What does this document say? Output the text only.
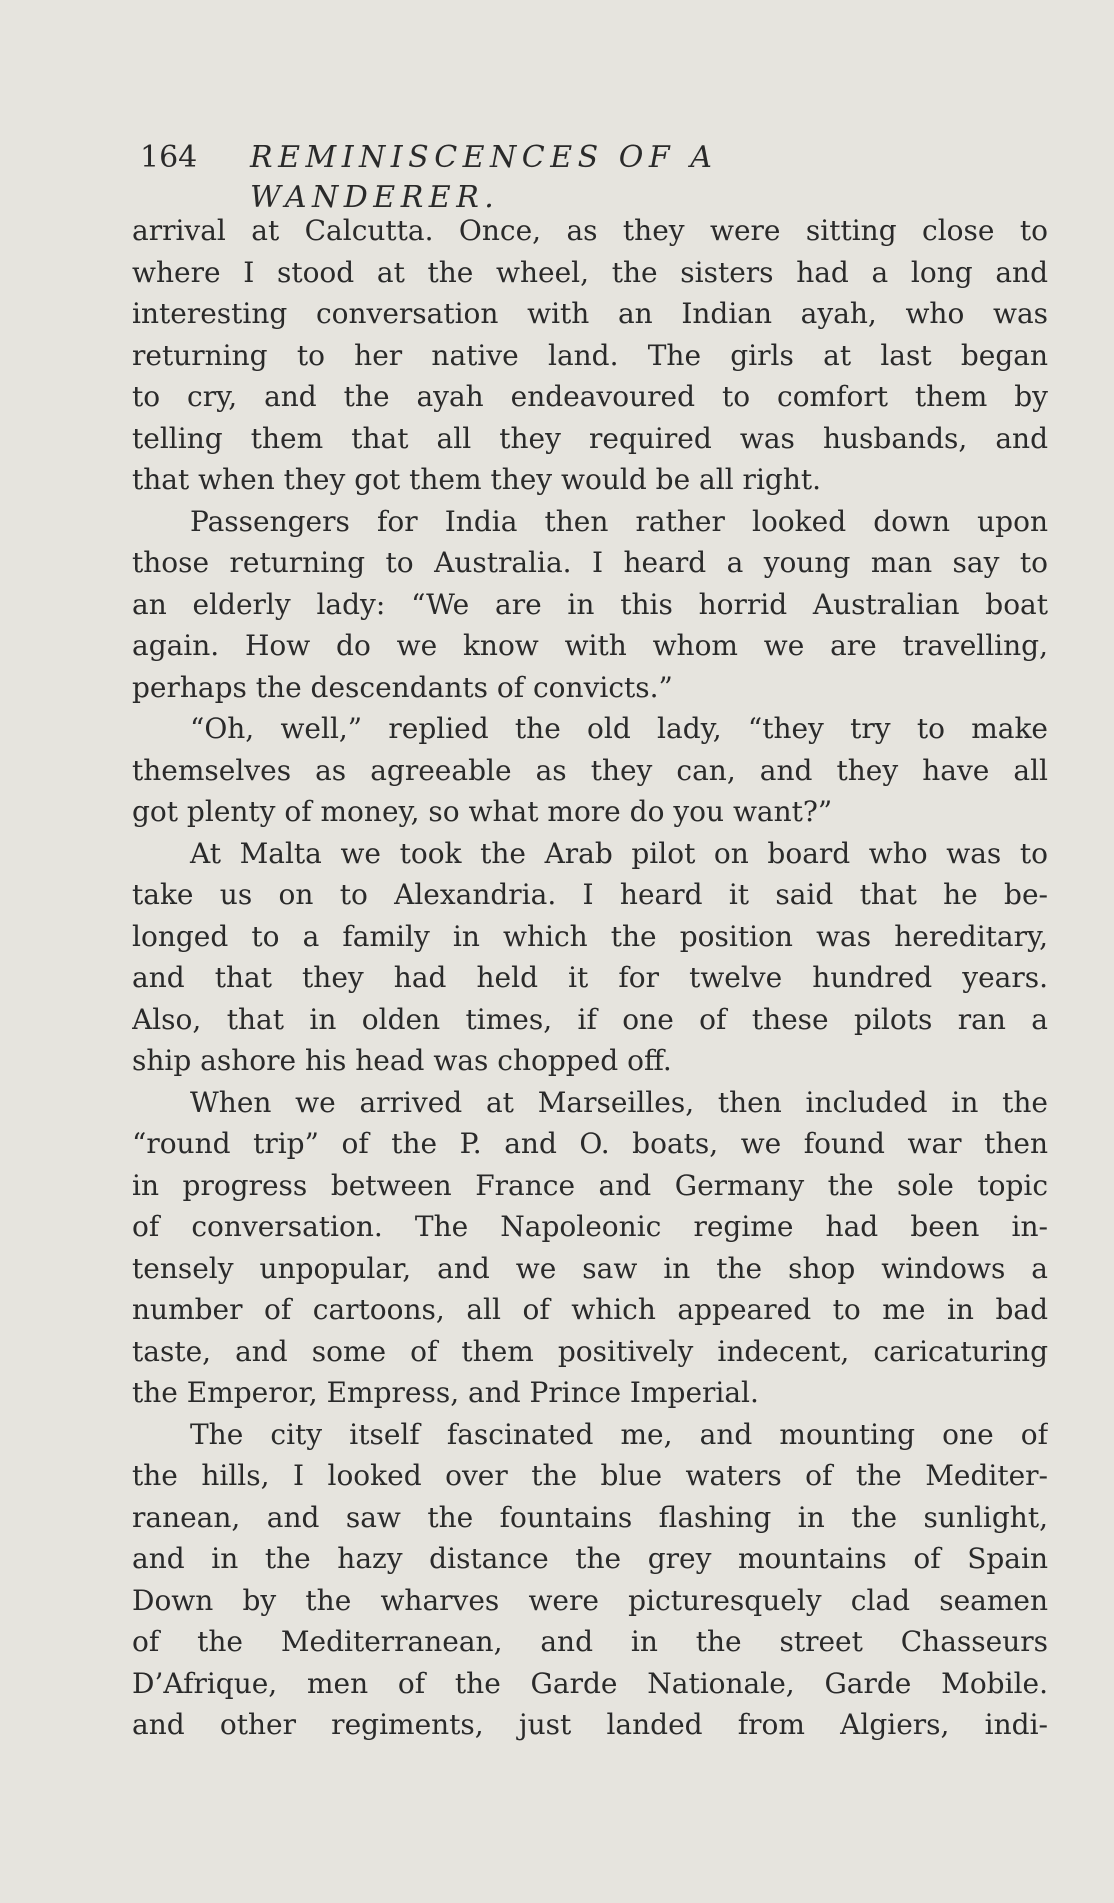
164 REMINISCENCES OF A WANDERER.
arrival at Calcutta. Once, as they were sitting close to
where I stood at the wheel, the sisters had a long and
interesting conversation with an Indian ayah, who was
returning to her native land. The girls at last began
to cry, and the ayah endeavoured to comfort them by
telling them that all they required was husbands, and
that when they got them they would be all right.
Passengers for India then rather looked down upon
those returning to Australia. I heard a young man say to
an elderly lady: “We are in this horrid Australian boat
again. How do we know with whom we are travelling,
perhaps the descendants of convicts.”
“Oh, well,” replied the old lady, “they try to make
themselves as agreeable as they can, and they have all
got plenty of money, so what more do you want?”
At Malta we took the Arab pilot on board who was to
take us on to Alexandria. I heard it said that he be-
longed to a family in which the position was hereditary,
and that they had held it for twelve hundred years.
Also, that in olden times, if one of these pilots ran a
ship ashore his head was chopped off.
When we arrived at Marseilles, then included in the
“round trip” of the P. and O. boats, we found war then
in progress between France and Germany the sole topic
of conversation. The Napoleonic regime had been in-
tensely unpopular, and we saw in the shop windows a
number of cartoons, all of which appeared to me in bad
taste, and some of them positively indecent, caricaturing
the Emperor, Empress, and Prince Imperial.
The city itself fascinated me, and mounting one of
the hills, I looked over the blue waters of the Mediter-
ranean, and saw the fountains flashing in the sunlight,
and in the hazy distance the grey mountains of Spain
Down by the wharves were picturesquely clad seamen
of the Mediterranean, and in the street Chasseurs
D’Afrique, men of the Garde Nationale, Garde Mobile.
and other regiments, just landed from Algiers, indi-
